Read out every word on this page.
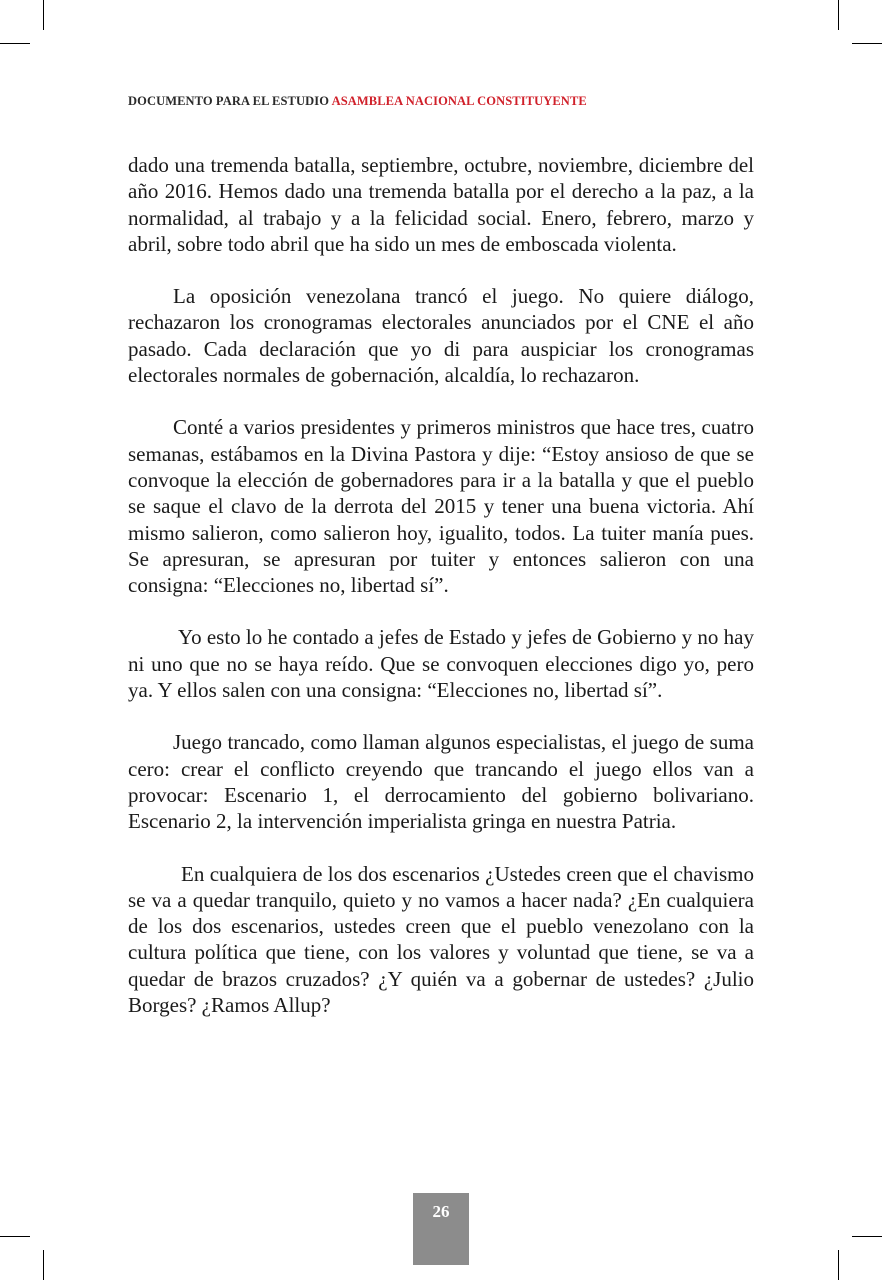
DOCUMENTO PARA EL ESTUDIO ASAMBLEA NACIONAL CONSTITUYENTE

dado una tremenda batalla, septiembre, octubre, noviembre, diciembre del año 2016. Hemos dado una tremenda batalla por el derecho a la paz, a la normalidad, al trabajo y a la felicidad social. Enero, febrero, marzo y abril, sobre todo abril que ha sido un mes de emboscada violenta.

La oposición venezolana trancó el juego. No quiere diálogo, rechazaron los cronogramas electorales anunciados por el CNE el año pasado. Cada declaración que yo di para auspiciar los cronogramas electorales normales de gobernación, alcaldía, lo rechazaron.

Conté a varios presidentes y primeros ministros que hace tres, cuatro semanas, estábamos en la Divina Pastora y dije: “Estoy ansioso de que se convoque la elección de gobernadores para ir a la batalla y que el pueblo se saque el clavo de la derrota del 2015 y tener una buena victoria. Ahí mismo salieron, como salieron hoy, igualito, todos. La tuiter manía pues. Se apresuran, se apresuran por tuiter y entonces salieron con una consigna: “Elecciones no, libertad sí”.

Yo esto lo he contado a jefes de Estado y jefes de Gobierno y no hay ni uno que no se haya reído. Que se convoquen elecciones digo yo, pero ya. Y ellos salen con una consigna: “Elecciones no, libertad sí”.

Juego trancado, como llaman algunos especialistas, el juego de suma cero: crear el conflicto creyendo que trancando el juego ellos van a provocar: Escenario 1, el derrocamiento del gobierno bolivariano. Escenario 2, la intervención imperialista gringa en nuestra Patria.

En cualquiera de los dos escenarios ¿Ustedes creen que el chavismo se va a quedar tranquilo, quieto y no vamos a hacer nada? ¿En cualquiera de los dos escenarios, ustedes creen que el pueblo venezolano con la cultura política que tiene, con los valores y voluntad que tiene, se va a quedar de brazos cruzados? ¿Y quién va a gobernar de ustedes? ¿Julio Borges? ¿Ramos Allup?

26
